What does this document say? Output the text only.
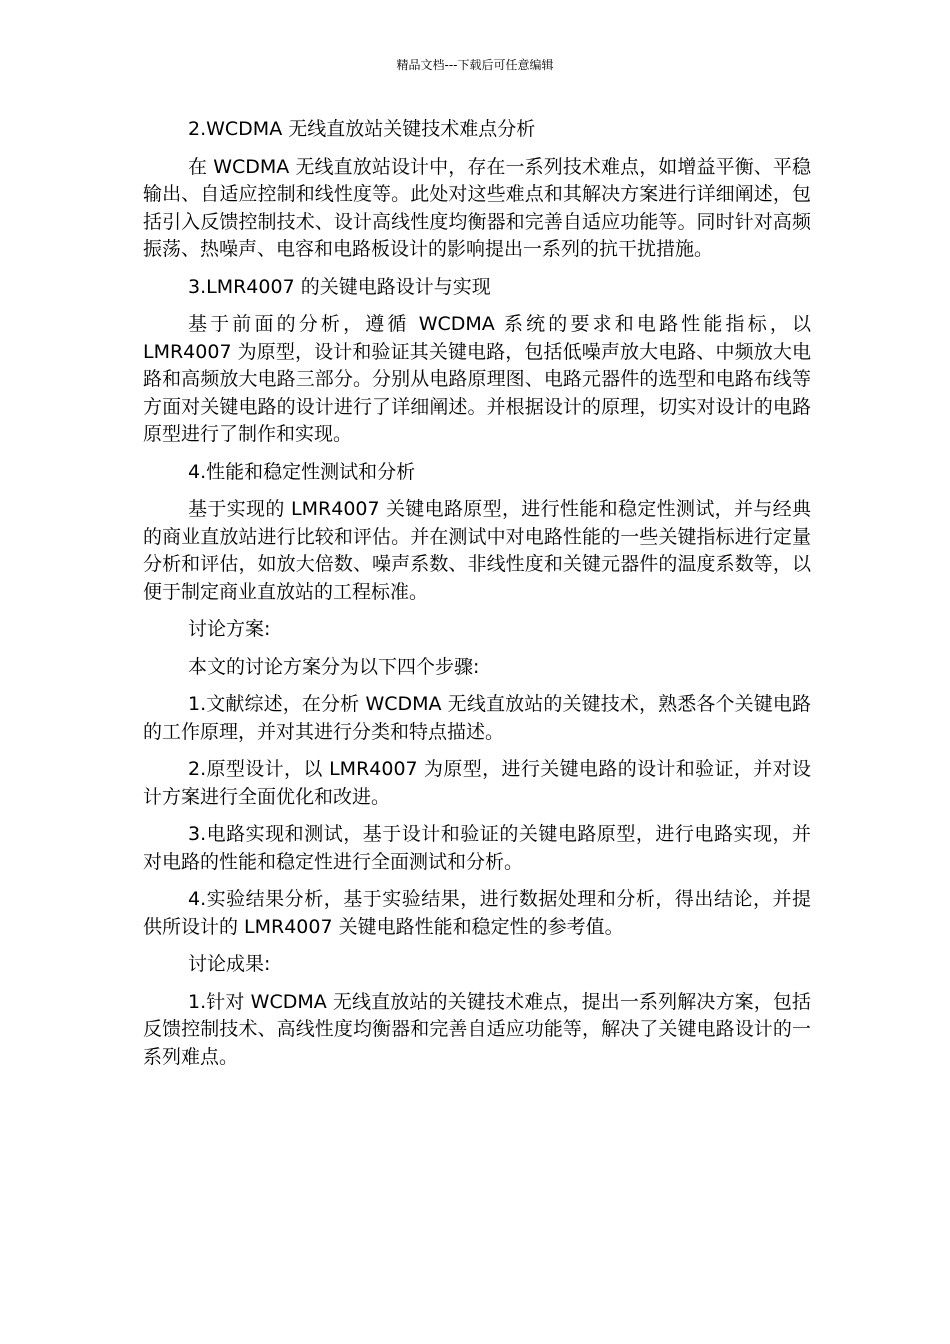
精品文档---下载后可任意编辑

2.WCDMA 无线直放站关键技术难点分析

在 WCDMA 无线直放站设计中，存在一系列技术难点，如增益平衡、平稳输出、自适应控制和线性度等。此处对这些难点和其解决方案进行详细阐述，包括引入反馈控制技术、设计高线性度均衡器和完善自适应功能等。同时针对高频振荡、热噪声、电容和电路板设计的影响提出一系列的抗干扰措施。

3.LMR4007 的关键电路设计与实现

基于前面的分析，遵循 WCDMA 系统的要求和电路性能指标，以 LMR4007 为原型，设计和验证其关键电路，包括低噪声放大电路、中频放大电路和高频放大电路三部分。分别从电路原理图、电路元器件的选型和电路布线等方面对关键电路的设计进行了详细阐述。并根据设计的原理，切实对设计的电路原型进行了制作和实现。

4.性能和稳定性测试和分析

基于实现的 LMR4007 关键电路原型，进行性能和稳定性测试，并与经典的商业直放站进行比较和评估。并在测试中对电路性能的一些关键指标进行定量分析和评估，如放大倍数、噪声系数、非线性度和关键元器件的温度系数等，以便于制定商业直放站的工程标准。

讨论方案:

本文的讨论方案分为以下四个步骤:

1.文献综述，在分析 WCDMA 无线直放站的关键技术，熟悉各个关键电路的工作原理，并对其进行分类和特点描述。

2.原型设计，以 LMR4007 为原型，进行关键电路的设计和验证，并对设计方案进行全面优化和改进。

3.电路实现和测试，基于设计和验证的关键电路原型，进行电路实现，并对电路的性能和稳定性进行全面测试和分析。

4.实验结果分析，基于实验结果，进行数据处理和分析，得出结论，并提供所设计的 LMR4007 关键电路性能和稳定性的参考值。

讨论成果:

1.针对 WCDMA 无线直放站的关键技术难点，提出一系列解决方案，包括反馈控制技术、高线性度均衡器和完善自适应功能等，解决了关键电路设计的一系列难点。
